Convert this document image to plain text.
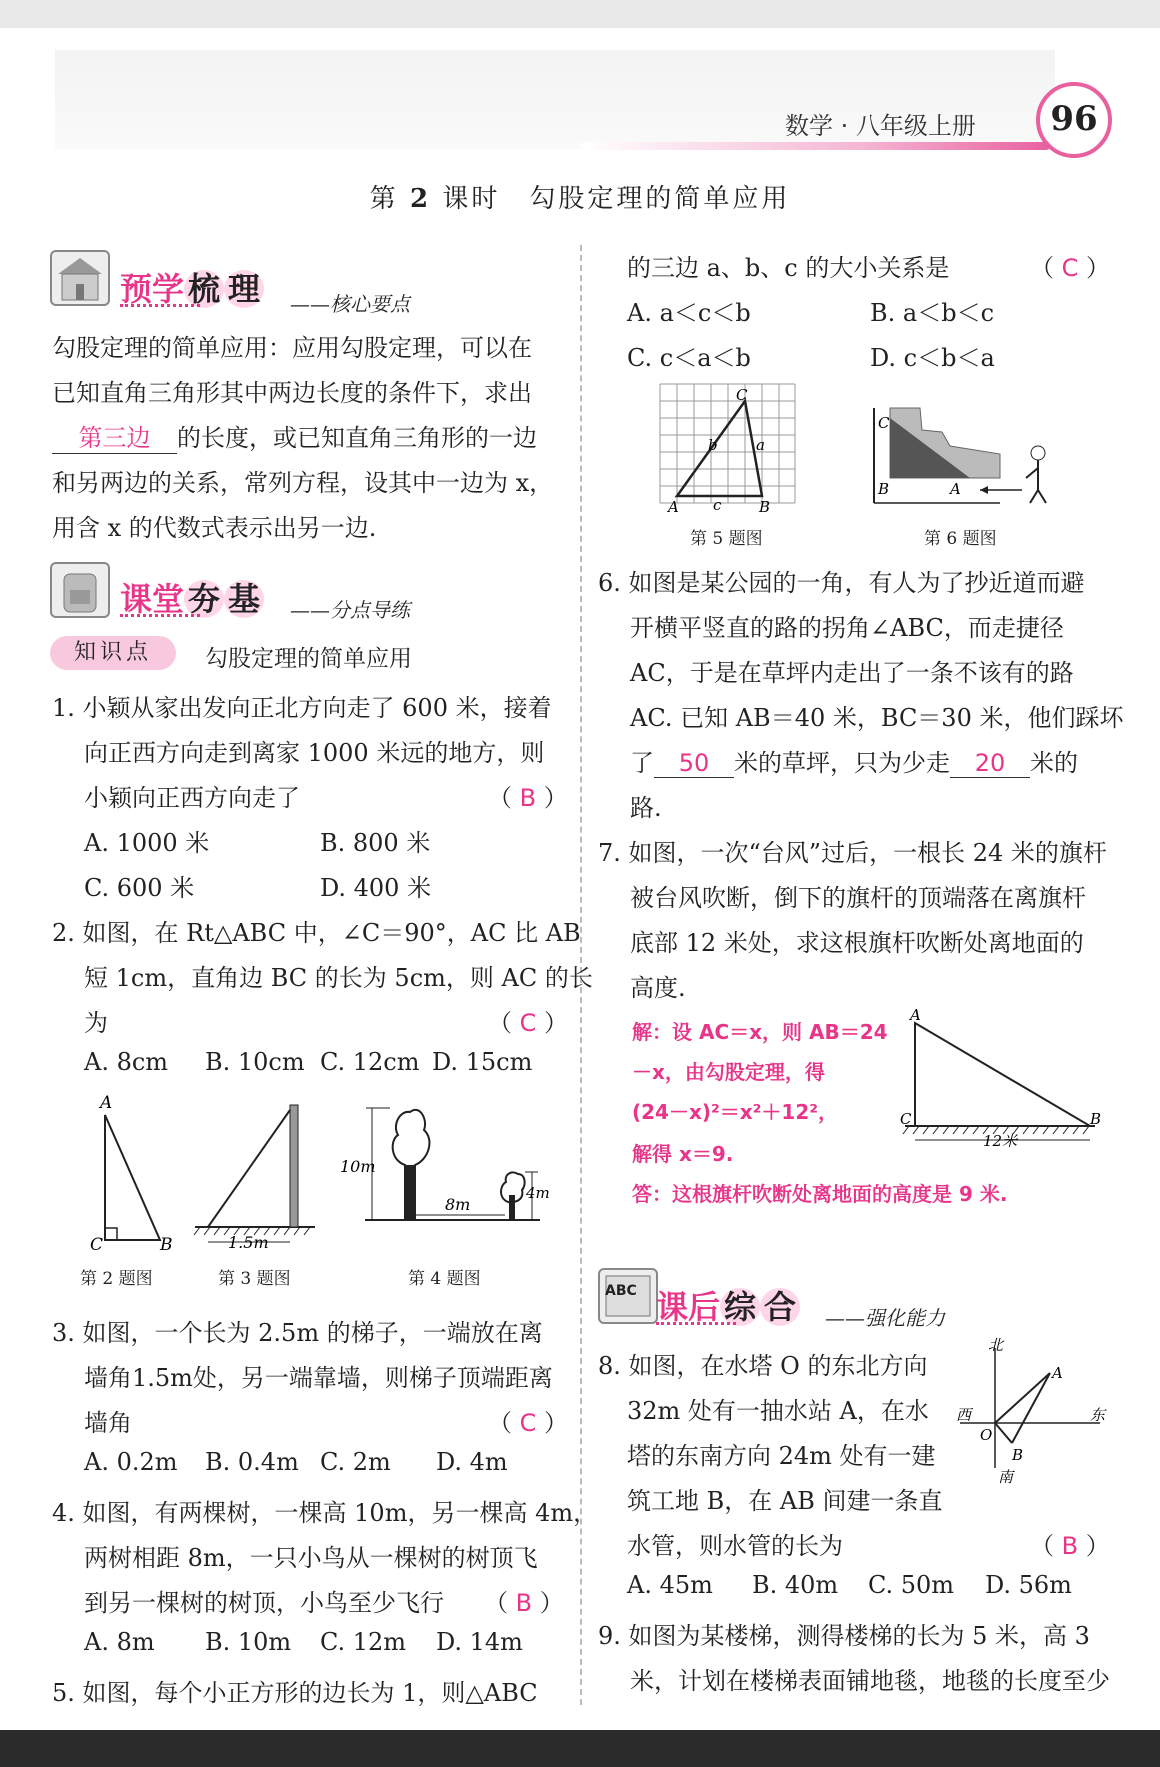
数学 · 八年级上册	96
第 2 课时　勾股定理的简单应用
预学 梳 理 ——核心要点
勾股定理的简单应用：应用勾股定理，可以在
已知直角三角形其中两边长度的条件下，求出
第三边 的长度，或已知直角三角形的一边
和另两边的关系，常列方程，设其中一边为 x，
用含 x 的代数式表示出另一边.
课堂 夯 基 ——分点导练
知识点	勾股定理的简单应用
1. 小颖从家出发向正北方向走了 600 米，接着
向正西方向走到离家 1000 米远的地方，则
小颖向正西方向走了	（ B ）
A. 1000 米	B. 800 米
C. 600 米	D. 400 米
2. 如图，在 Rt△ABC 中，∠C＝90°，AC 比 AB
短 1cm，直角边 BC 的长为 5cm，则 AC 的长
为	（ C ）
A. 8cm B. 10cm C. 12cm D. 15cm
A
C	B	1.5m
10m
4m
8m
第 2 题图	第 3 题图	第 4 题图
3. 如图，一个长为 2.5m 的梯子，一端放在离
墙角1.5m处，另一端靠墙，则梯子顶端距离
墙角	（ C ）
A. 0.2m B. 0.4m C. 2m D. 4m
4. 如图，有两棵树，一棵高 10m，另一棵高 4m，
两树相距 8m，一只小鸟从一棵树的树顶飞
到另一棵树的树顶，小鸟至少飞行 （ B ）
A. 8m B. 10m C. 12m D. 14m
5. 如图，每个小正方形的边长为 1，则△ABC
的三边 a、b、c 的大小关系是	（ C ）
A. a＜c＜b	B. a＜b＜c
C. c＜a＜b	D. c＜b＜a
C
A	B
b	a
c
C
B	A
第 5 题图	第 6 题图
6. 如图是某公园的一角，有人为了抄近道而避
开横平竖直的路的拐角∠ABC，而走捷径
AC，于是在草坪内走出了一条不该有的路
AC. 已知 AB＝40 米，BC＝30 米，他们踩坏
了 50 米的草坪，只为少走 20 米的
路.
7. 如图，一次“台风”过后，一根长 24 米的旗杆
被台风吹断，倒下的旗杆的顶端落在离旗杆
底部 12 米处，求这根旗杆吹断处离地面的
高度.
解：设 AC＝x，则 AB＝24
－x，由勾股定理，得
(24－x)²＝x²＋12²，
解得 x＝9.
答：这根旗杆吹断处离地面的高度是 9 米.
A
C	B
12米
ABC 课后 综 合 ——强化能力
8. 如图，在水塔 O 的东北方向
32m 处有一抽水站 A，在水
塔的东南方向 24m 处有一建
筑工地 B，在 AB 间建一条直
水管，则水管的长为	（ B ）
A. 45m B. 40m C. 50m D. 56m
北
南
东
西
O
A
B
9. 如图为某楼梯，测得楼梯的长为 5 米，高 3
米，计划在楼梯表面铺地毯，地毯的长度至少
